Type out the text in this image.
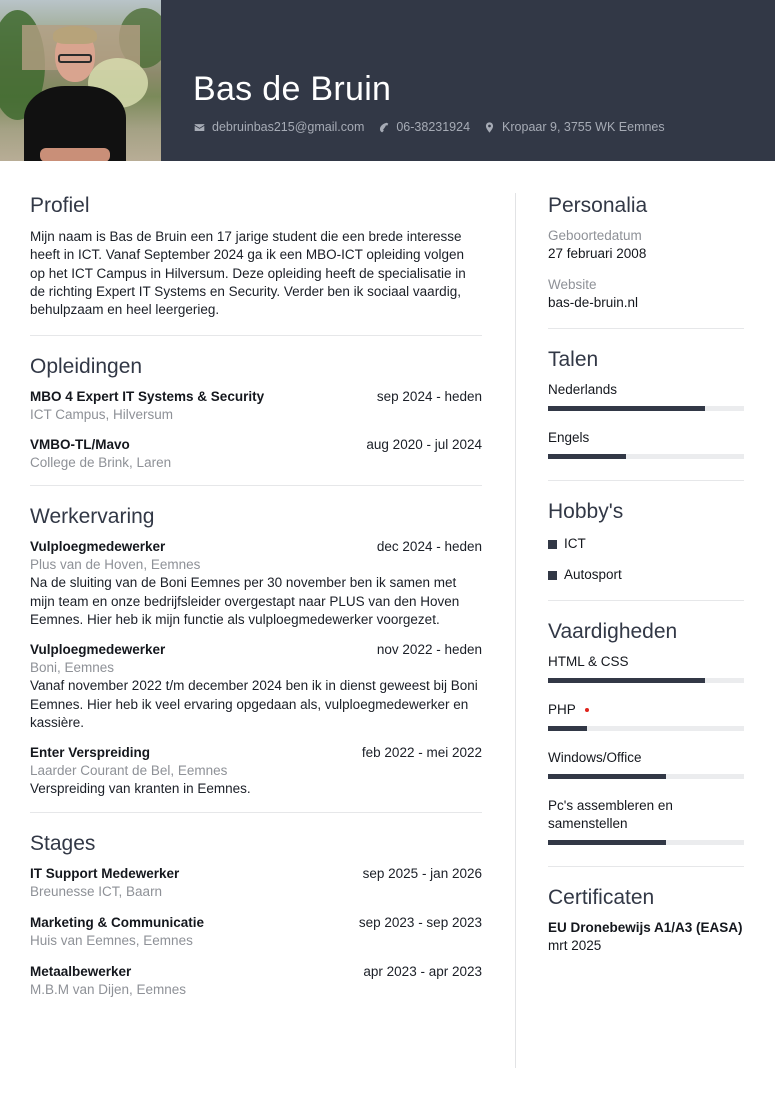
Bas de Bruin
debruinbas215@gmail.com	06-38231924	Kropaar 9, 3755 WK Eemnes
Profiel

Mijn naam is Bas de Bruin een 17 jarige student die een brede interesse heeft in ICT. Vanaf September 2024 ga ik een MBO-ICT opleiding volgen op het ICT Campus in Hilversum. Deze opleiding heeft de specialisatie in de richting Expert IT Systems en Security. Verder ben ik sociaal vaardig, behulpzaam en heel leergerieg.

Opleidingen
MBO 4 Expert IT Systems & Security	sep 2024 - heden
ICT Campus, Hilversum
VMBO-TL/Mavo	aug 2020 - jul 2024
College de Brink, Laren
Werkervaring
Vulploegmedewerker	dec 2024 - heden
Plus van de Hoven, Eemnes

Na de sluiting van de Boni Eemnes per 30 november ben ik samen met mijn team en onze bedrijfsleider overgestapt naar PLUS van den Hoven Eemnes. Hier heb ik mijn functie als vulploegmedewerker voorgezet.

Vulploegmedewerker	nov 2022 - heden
Boni, Eemnes

Vanaf november 2022 t/m december 2024 ben ik in dienst geweest bij Boni Eemnes. Hier heb ik veel ervaring opgedaan als, vulploegmedewerker en kassière.

Enter Verspreiding	feb 2022 - mei 2022
Laarder Courant de Bel, Eemnes

Verspreiding van kranten in Eemnes.

Stages
IT Support Medewerker	sep 2025 - jan 2026
Breunesse ICT, Baarn
Marketing & Communicatie	sep 2023 - sep 2023
Huis van Eemnes, Eemnes
Metaalbewerker	apr 2023 - apr 2023
M.B.M van Dijen, Eemnes
Personalia
Geboortedatum
27 februari 2008
Website
bas-de-bruin.nl
Talen
Nederlands
Engels
Hobby's
ICT
Autosport
Vaardigheden
HTML & CSS
PHP
Windows/Office
Pc's assembleren en samenstellen
Certificaten
EU Dronebewijs A1/A3 (EASA)
mrt 2025
